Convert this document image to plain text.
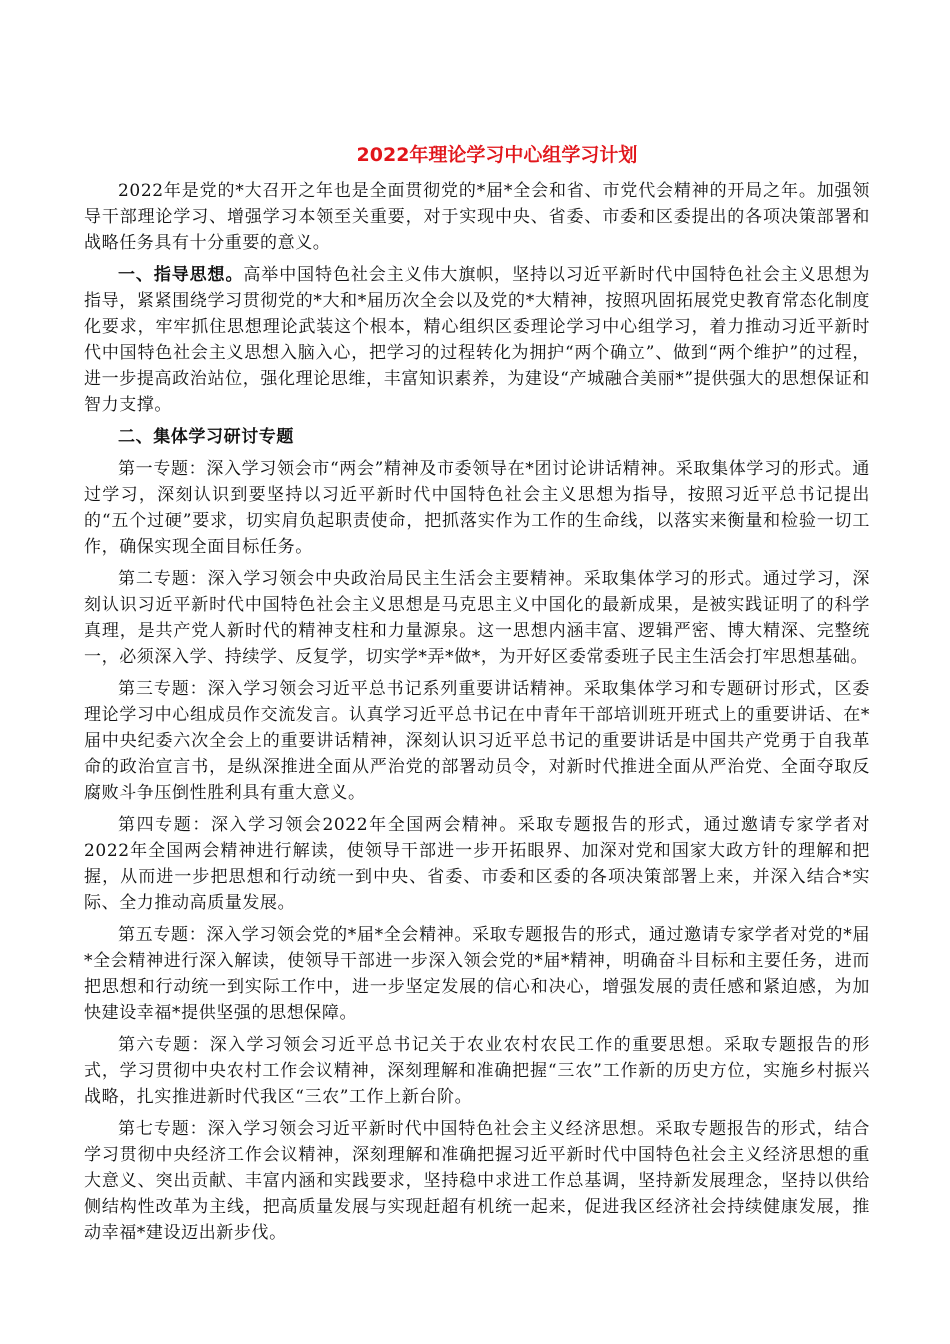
2022年理论学习中心组学习计划

2022年是党的*大召开之年也是全面贯彻党的*届*全会和省、市党代会精神的开局之年。加强领导干部理论学习、增强学习本领至关重要，对于实现中央、省委、市委和区委提出的各项决策部署和战略任务具有十分重要的意义。

一、指导思想。高举中国特色社会主义伟大旗帜，坚持以习近平新时代中国特色社会主义思想为指导，紧紧围绕学习贯彻党的*大和*届历次全会以及党的*大精神，按照巩固拓展党史教育常态化制度化要求，牢牢抓住思想理论武装这个根本，精心组织区委理论学习中心组学习，着力推动习近平新时代中国特色社会主义思想入脑入心，把学习的过程转化为拥护“两个确立”、做到“两个维护”的过程，进一步提高政治站位，强化理论思维，丰富知识素养，为建设“产城融合美丽*”提供强大的思想保证和智力支撑。

二、集体学习研讨专题

第一专题：深入学习领会市“两会”精神及市委领导在*团讨论讲话精神。采取集体学习的形式。通过学习，深刻认识到要坚持以习近平新时代中国特色社会主义思想为指导，按照习近平总书记提出的“五个过硬”要求，切实肩负起职责使命，把抓落实作为工作的生命线，以落实来衡量和检验一切工作，确保实现全面目标任务。

第二专题：深入学习领会中央政治局民主生活会主要精神。采取集体学习的形式。通过学习，深刻认识习近平新时代中国特色社会主义思想是马克思主义中国化的最新成果，是被实践证明了的科学真理，是共产党人新时代的精神支柱和力量源泉。这一思想内涵丰富、逻辑严密、博大精深、完整统一，必须深入学、持续学、反复学，切实学*弄*做*，为开好区委常委班子民主生活会打牢思想基础。

第三专题：深入学习领会习近平总书记系列重要讲话精神。采取集体学习和专题研讨形式，区委理论学习中心组成员作交流发言。认真学习近平总书记在中青年干部培训班开班式上的重要讲话、在*届中央纪委六次全会上的重要讲话精神，深刻认识习近平总书记的重要讲话是中国共产党勇于自我革命的政治宣言书，是纵深推进全面从严治党的部署动员令，对新时代推进全面从严治党、全面夺取反腐败斗争压倒性胜利具有重大意义。

第四专题：深入学习领会2022年全国两会精神。采取专题报告的形式，通过邀请专家学者对2022年全国两会精神进行解读，使领导干部进一步开拓眼界、加深对党和国家大政方针的理解和把握，从而进一步把思想和行动统一到中央、省委、市委和区委的各项决策部署上来，并深入结合*实际、全力推动高质量发展。

第五专题：深入学习领会党的*届*全会精神。采取专题报告的形式，通过邀请专家学者对党的*届*全会精神进行深入解读，使领导干部进一步深入领会党的*届*精神，明确奋斗目标和主要任务，进而把思想和行动统一到实际工作中，进一步坚定发展的信心和决心，增强发展的责任感和紧迫感，为加快建设幸福*提供坚强的思想保障。

第六专题：深入学习领会习近平总书记关于农业农村农民工作的重要思想。采取专题报告的形式，学习贯彻中央农村工作会议精神，深刻理解和准确把握“三农”工作新的历史方位，实施乡村振兴战略，扎实推进新时代我区“三农”工作上新台阶。

第七专题：深入学习领会习近平新时代中国特色社会主义经济思想。采取专题报告的形式，结合学习贯彻中央经济工作会议精神，深刻理解和准确把握习近平新时代中国特色社会主义经济思想的重大意义、突出贡献、丰富内涵和实践要求，坚持稳中求进工作总基调，坚持新发展理念，坚持以供给侧结构性改革为主线，把高质量发展与实现赶超有机统一起来，促进我区经济社会持续健康发展，推动幸福*建设迈出新步伐。
